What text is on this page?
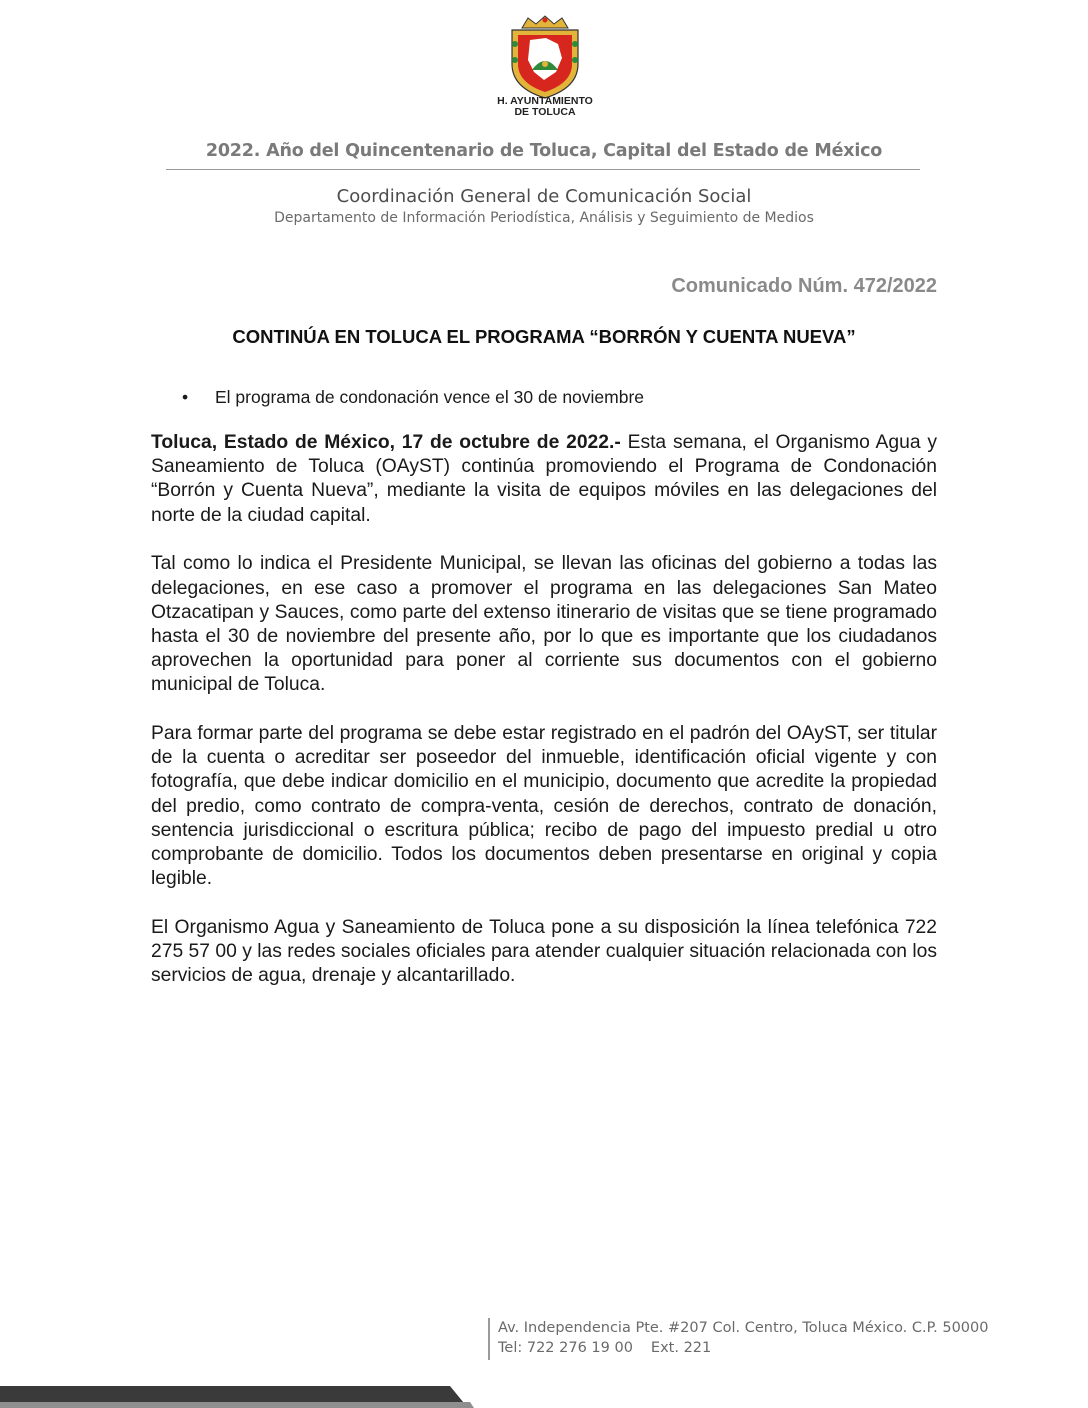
H. AYUNTAMIENTO
DE TOLUCA
2022. Año del Quincentenario de Toluca, Capital del Estado de México
Coordinación General de Comunicación Social
Departamento de Información Periodística, Análisis y Seguimiento de Medios
Comunicado Núm. 472/2022
CONTINÚA EN TOLUCA EL PROGRAMA “BORRÓN Y CUENTA NUEVA”
• El programa de condonación vence el 30 de noviembre

Toluca, Estado de México, 17 de octubre de 2022.- Esta semana, el Organismo Agua y Saneamiento de Toluca (OAySТ) continúa promoviendo el Programa de Condonación “Borrón y Cuenta Nueva”, mediante la visita de equipos móviles en las delegaciones del norte de la ciudad capital.

Tal como lo indica el Presidente Municipal, se llevan las oficinas del gobierno a todas las delegaciones, en ese caso a promover el programa en las delegaciones San Mateo Otzacatipan y Sauces, como parte del extenso itinerario de visitas que se tiene programado hasta el 30 de noviembre del presente año, por lo que es importante que los ciudadanos aprovechen la oportunidad para poner al corriente sus documentos con el gobierno municipal de Toluca.

Para formar parte del programa se debe estar registrado en el padrón del OAySТ, ser titular de la cuenta o acreditar ser poseedor del inmueble, identificación oficial vigente y con fotografía, que debe indicar domicilio en el municipio, documento que acredite la propiedad del predio, como contrato de compra-venta, cesión de derechos, contrato de donación, sentencia jurisdiccional o escritura pública; recibo de pago del impuesto predial u otro comprobante de domicilio. Todos los documentos deben presentarse en original y copia legible.

El Organismo Agua y Saneamiento de Toluca pone a su disposición la línea telefónica 722 275 57 00 y las redes sociales oficiales para atender cualquier situación relacionada con los servicios de agua, drenaje y alcantarillado.

Av. Independencia Pte. #207 Col. Centro, Toluca México. C.P. 50000
Tel: 722 276 19 00 Ext. 221
